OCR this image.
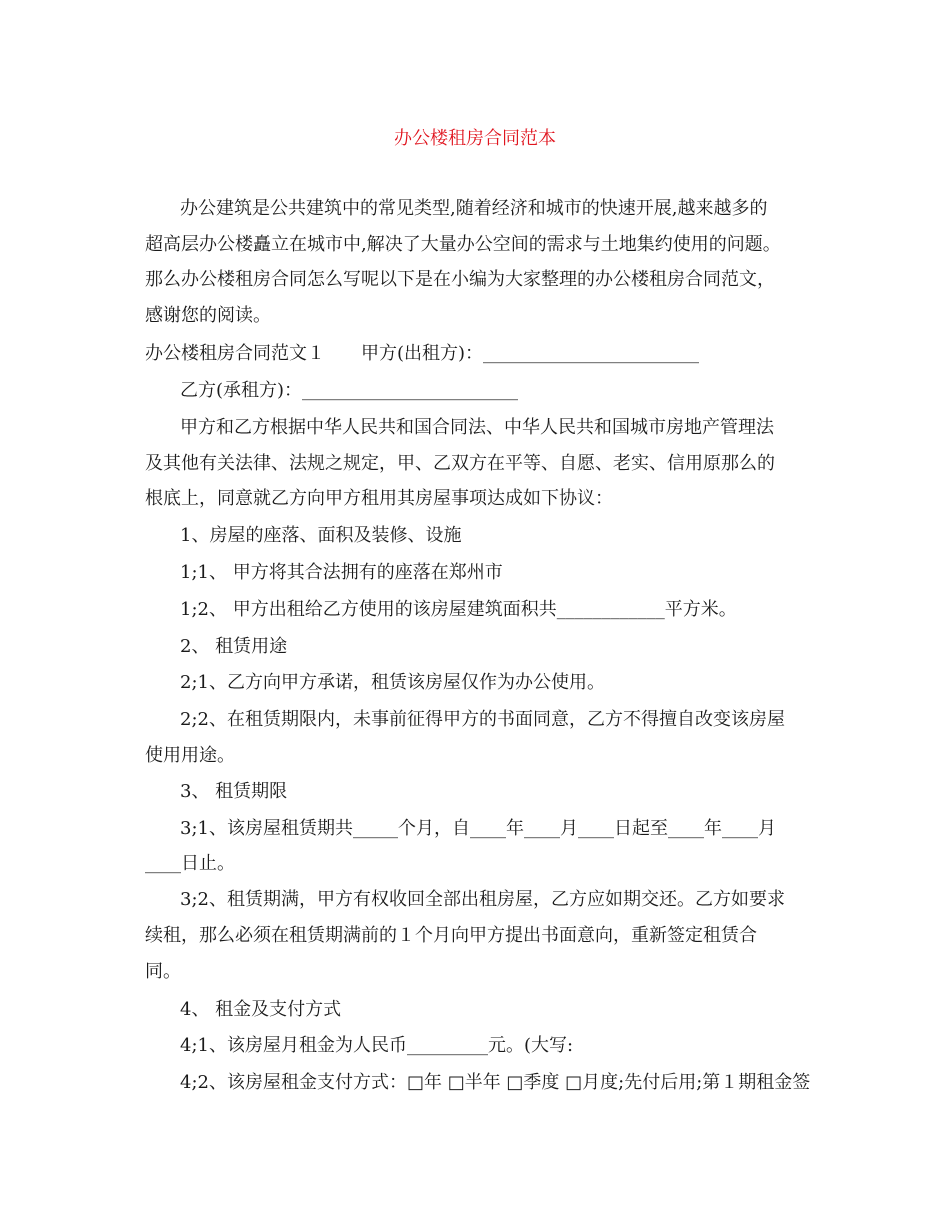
办公楼租房合同范本

办公建筑是公共建筑中的常见类型,随着经济和城市的快速开展,越来越多的

超高层办公楼矗立在城市中,解决了大量办公空间的需求与土地集约使用的问题。

那么办公楼租房合同怎么写呢以下是在小编为大家整理的办公楼租房合同范文，

感谢您的阅读。

办公楼租房合同范文１　　甲方(出租方)：________________________

乙方(承租方)：________________________

甲方和乙方根据中华人民共和国合同法、中华人民共和国城市房地产管理法

及其他有关法律、法规之规定，甲、乙双方在平等、自愿、老实、信用原那么的

根底上，同意就乙方向甲方租用其房屋事项达成如下协议：

1、房屋的座落、面积及装修、设施

1;1、 甲方将其合法拥有的座落在郑州市

1;2、 甲方出租给乙方使用的该房屋建筑面积共____________平方米。

2、 租赁用途

2;1、乙方向甲方承诺，租赁该房屋仅作为办公使用。

2;2、在租赁期限内，未事前征得甲方的书面同意，乙方不得擅自改变该房屋

使用用途。

3、 租赁期限

3;1、该房屋租赁期共_____个月，自____年____月____日起至____年____月

____日止。

3;2、租赁期满，甲方有权收回全部出租房屋，乙方应如期交还。乙方如要求

续租，那么必须在租赁期满前的１个月向甲方提出书面意向，重新签定租赁合

同。

4、 租金及支付方式

4;1、该房屋月租金为人民币_________元。(大写:

4;2、该房屋租金支付方式：□年 □半年 □季度 □月度;先付后用;第１期租金签
